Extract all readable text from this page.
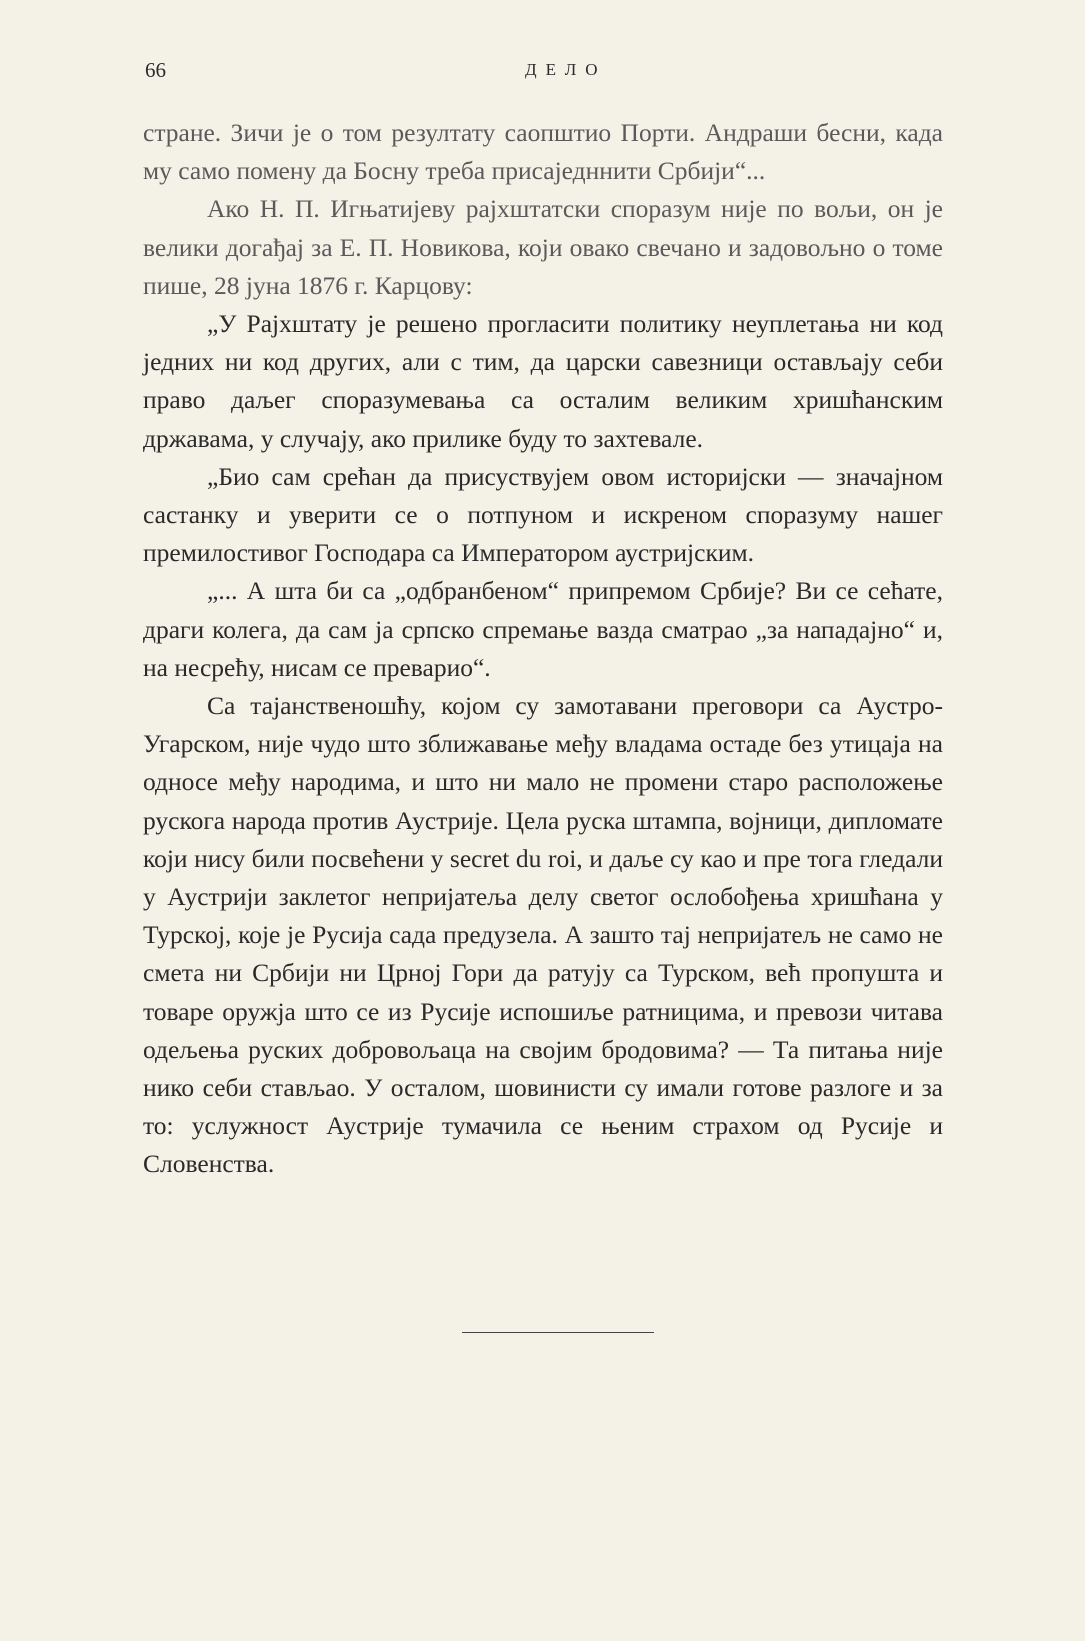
66	ДЕЛО

стране. Зичи је о том резултату саопштио Порти. Андраши бесни, када му само помену да Босну треба присаједннити Србији“...

Ако Н. П. Игњатијеву рајхштатски споразум није по вољи, он је велики догађај за Е. П. Новикова, који овако свечано и задовољно о томе пише, 28 јуна 1876 г. Карцову:

„У Рајхштату је решено прогласити политику неуплетања ни код једних ни код других, али с тим, да царски савезници остављају себи право даљег споразумевања са осталим великим хришћанским државама, у случају, ако прилике буду то захтевале.

„Био сам срећан да присуствујем овом историјски — значајном састанку и уверити се о потпуном и искреном споразуму нашег премилостивог Господара са Императором аустријским.

„... А шта би са „одбранбеном“ припремом Србије? Ви се сећате, драги колега, да сам ја српско спремање вазда сматрао „за нападајно“ и, на несрећу, нисам се преварио“.

Са тајанственошћу, којом су замотавани преговори са Аустро-Угарском, није чудо што зближавање међу владама остаде без утицаја на односе међу народима, и што ни мало не промени старо расположење рускога народа против Аустрије. Цела руска штампа, војници, дипломате који нису били посвећени у secret du roi, и даље су као и пре тога гледали у Аустрији заклетог непријатеља делу светог ослобођења хришћана у Турској, које је Русија сада предузела. А зашто тај непријатељ не само не смета ни Србији ни Црној Гори да ратују са Турском, већ пропушта и товаре оружја што се из Русије испошиље ратницима, и превози читава одељења руских добровољаца на својим бродовима? — Та питања није нико себи стављао. У осталом, шовинисти су имали готове разлоге и за то: услужност Аустрије тумачила се њеним страхом од Русије и Словенства.
